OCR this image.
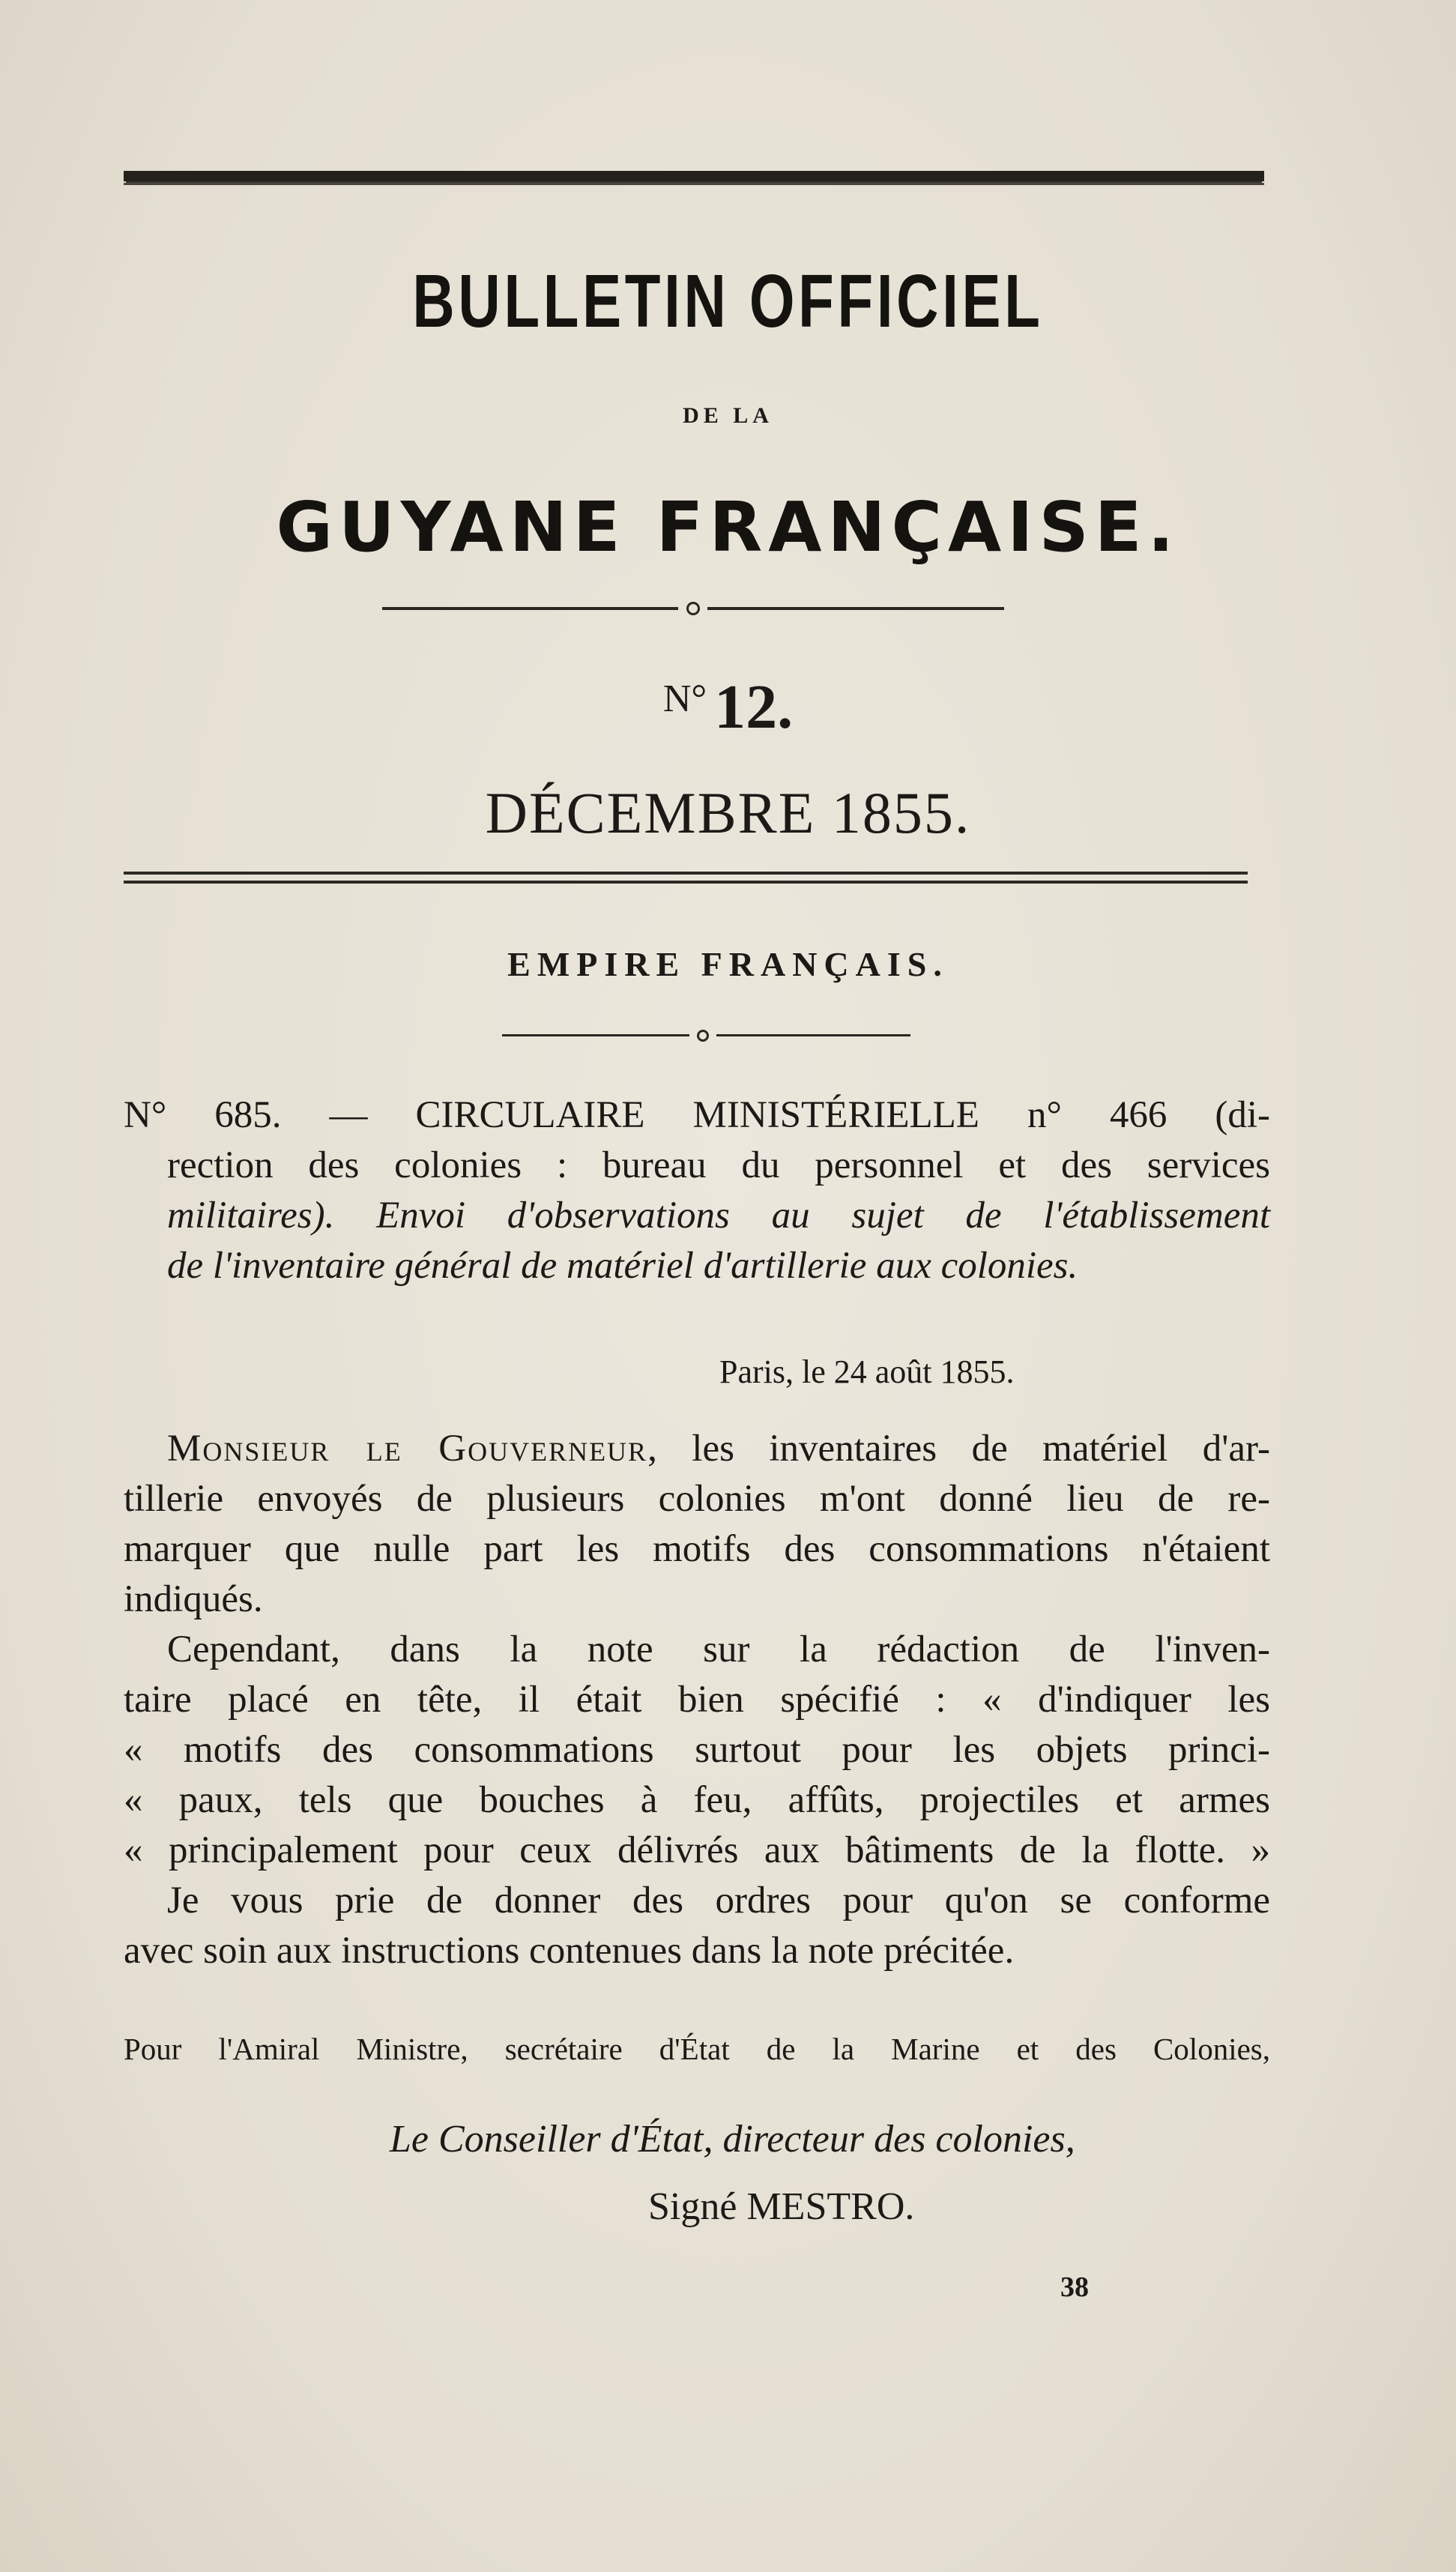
BULLETIN OFFICIEL
DE LA
GUYANE FRANÇAISE.
$^{N^\circ}$ 12.
DÉCEMBRE 1855.
EMPIRE FRANÇAIS.
N° 685. — CIRCULAIRE MINISTÉRIELLE n° 466 (di-
rection des colonies : bureau du personnel et des services
militaires). Envoi d'observations au sujet de l'établissement
de l'inventaire général de matériel d'artillerie aux colonies.
Paris, le 24 août 1855.
Monsieur le Gouverneur, les inventaires de matériel d'ar-
tillerie envoyés de plusieurs colonies m'ont donné lieu de re-
marquer que nulle part les motifs des consommations n'étaient
indiqués.
Cependant, dans la note sur la rédaction de l'inven-
taire placé en tête, il était bien spécifié : « d'indiquer les
« motifs des consommations surtout pour les objets princi-
« paux, tels que bouches à feu, affûts, projectiles et armes
« principalement pour ceux délivrés aux bâtiments de la flotte. »
Je vous prie de donner des ordres pour qu'on se conforme
avec soin aux instructions contenues dans la note précitée.
Pour l'Amiral Ministre, secrétaire d'État de la Marine et des Colonies,
Le Conseiller d'État, directeur des colonies,
Signé MESTRO.
38
